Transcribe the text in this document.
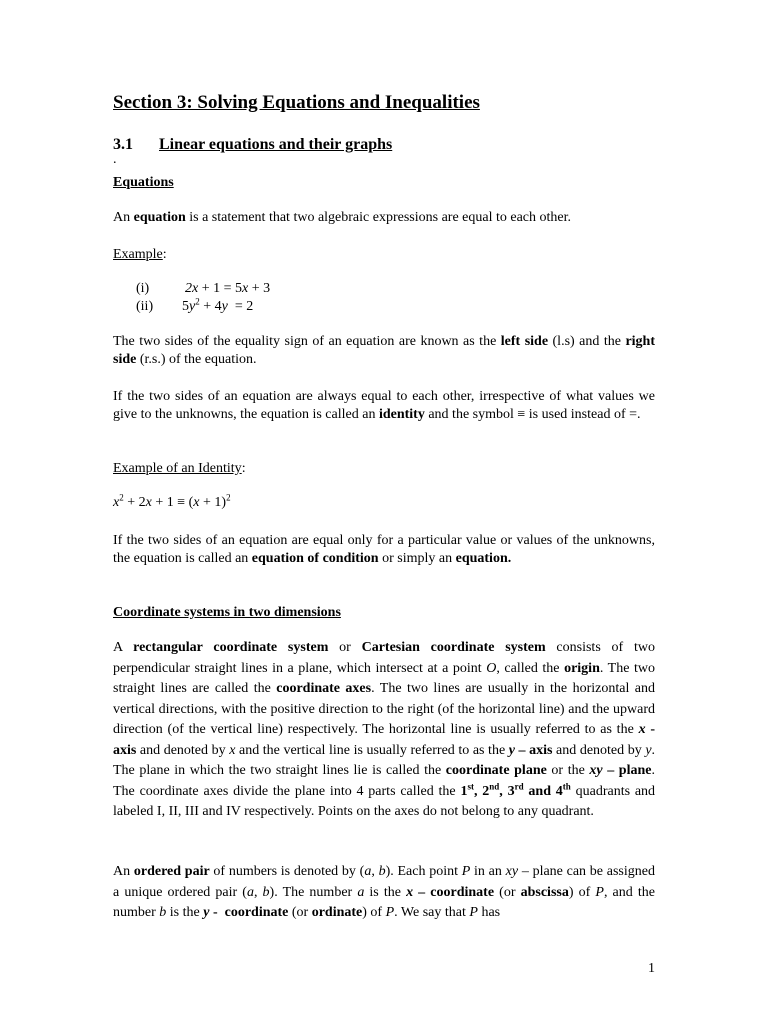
Section 3: Solving Equations and Inequalities
3.1 Linear equations and their graphs
.

Equations

An equation is a statement that two algebraic expressions are equal to each other.

Example:

(i)	2x + 1 = 5x + 3
(ii) $5y^2 + 4y = 2$

The two sides of the equality sign of an equation are known as the left side (l.s) and the right side (r.s.) of the equation.

If the two sides of an equation are always equal to each other, irrespective of what values we give to the unknowns, the equation is called an identity and the symbol ≡ is used instead of =.

Example of an Identity:

$x^2 + 2x + 1 \equiv (x + 1)^2$

If the two sides of an equation are equal only for a particular value or values of the unknowns, the equation is called an equation of condition or simply an equation.

Coordinate systems in two dimensions

A rectangular coordinate system or Cartesian coordinate system consists of two perpendicular straight lines in a plane, which intersect at a point O, called the origin. The two straight lines are called the coordinate axes. The two lines are usually in the horizontal and vertical directions, with the positive direction to the right (of the horizontal line) and the upward direction (of the vertical line) respectively. The horizontal line is usually referred to as the x - axis and denoted by x and the vertical line is usually referred to as the y – axis and denoted by y. The plane in which the two straight lines lie is called the coordinate plane or the xy – plane. The coordinate axes divide the plane into 4 parts called the 1st, 2nd, 3rd and 4th quadrants and labeled I, II, III and IV respectively. Points on the axes do not belong to any quadrant.

An ordered pair of numbers is denoted by (a, b). Each point P in an xy – plane can be assigned a unique ordered pair (a, b). The number a is the x – coordinate (or abscissa) of P, and the number b is the y -  coordinate (or ordinate) of P. We say that P has

1
